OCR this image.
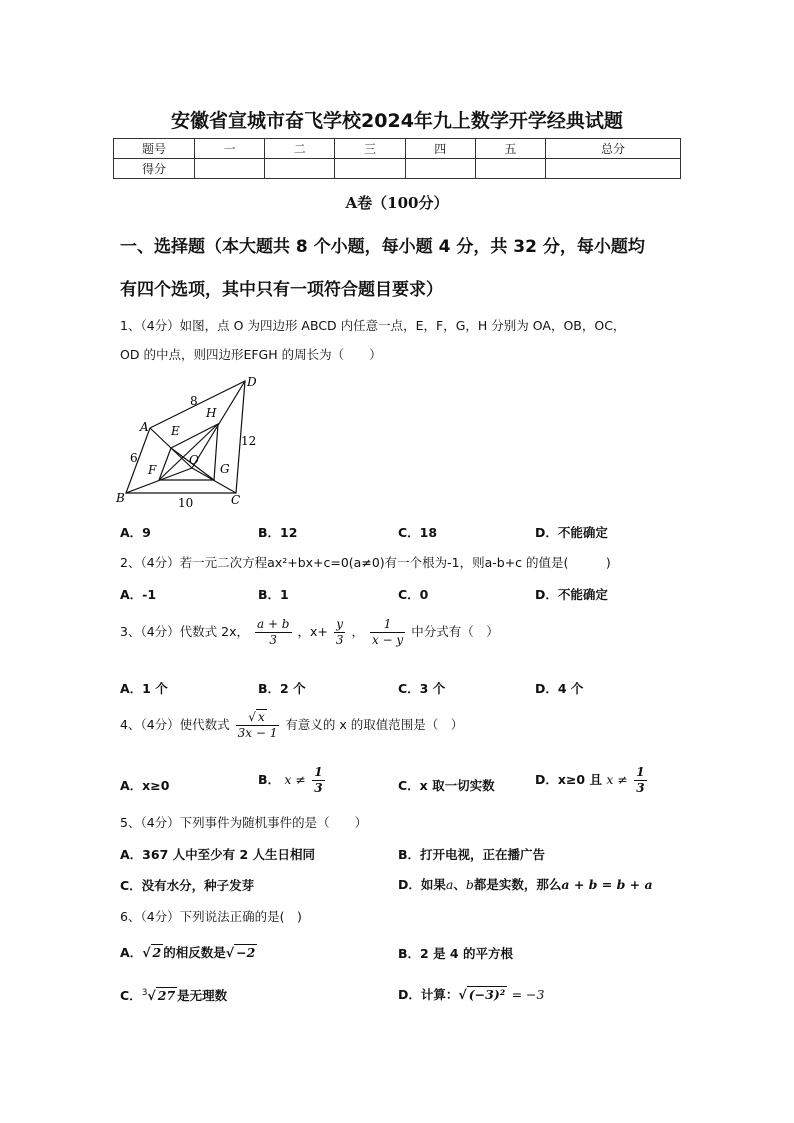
安徽省宣城市奋飞学校2024年九上数学开学经典试题
题号	一	二	三	四	五	总分
得分						
A卷（100分）
一、选择题（本大题共 8 个小题，每小题 4 分，共 32 分，每小题均
有四个选项，其中只有一项符合题目要求）
1、（4分）如图，点 O 为四边形 ABCD 内任意一点，E，F，G，H 分别为 OA，OB，OC，
OD 的中点，则四边形EFGH 的周长为（　　）
A
B	C
D
E
F	G
H
O
8
6
10
12
A．9	B．12	C．18	D．不能确定
2、（4分）若一元二次方程ax²+bx+c=0(a≠0)有一个根为-1，则a-b+c 的值是(　　　)
A．-1	B．1	C．0	D．不能确定
3、（4分）代数式 2x， $\frac{a + b}{3}$ ，$x+ \frac{y}{3}$ ， $\frac{1}{x - y}$ 中分式有（　）
A．1 个	B．2 个	C．3 个	D．4 个
4、（4分）使代数式 $\frac{√ x}{3x - 1}$ 有意义的 x 的取值范围是（　）
A．x≥0	B． $x \ne \frac{1}{3}$	C．x 取一切实数	D．x≥0 且 $x \ne \frac{1}{3}$
5、（4分）下列事件为随机事件的是（　　）
A．367 人中至少有 2 人生日相同	B．打开电视，正在播广告
C．没有水分，种子发芽	D．如果a、b都是实数，那么a + b = b + a
6、（4分）下列说法正确的是(　)
A．√ 2 的相反数是√ −2	B．2 是 4 的平方根
C．$^3$√ 27 是无理数	D．计算：√ (−3)² = −3
